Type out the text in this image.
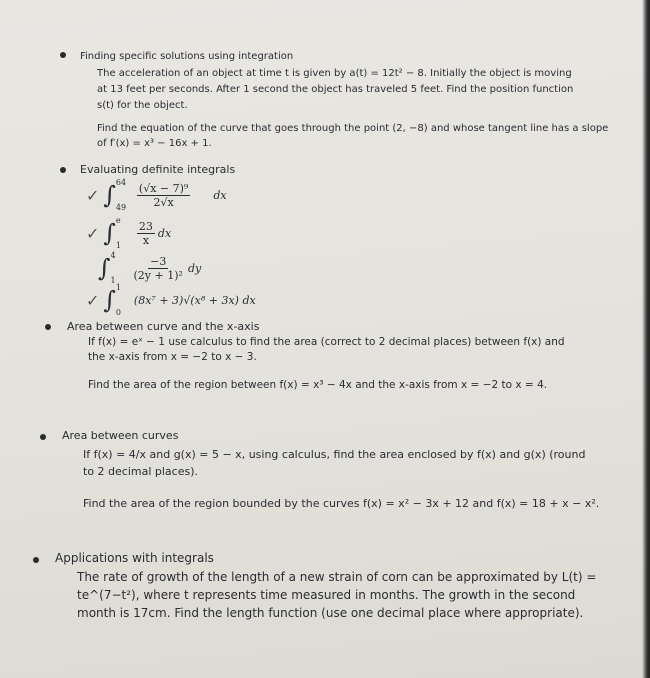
Finding specific solutions using integration
The acceleration of an object at time t is given by a(t) = 12t² − 8. Initially the object is moving at 13 feet per seconds. After 1 second the object has traveled 5 feet. Find the position function s(t) for the object.
Find the equation of the curve that goes through the point (2, −8) and whose tangent line has a slope of f′(x) = x³ − 16x + 1.
Evaluating definite integrals
✓ ∫ 64
$49 \frac{\text{(√x − 7)⁹}}{2√x}$ dx
✓ ∫ e
$1 \frac{23}{x}$ dx
∫ 4
$1 \frac{-3}{\text{(2y + 1)²}}$ dy
✓ ∫ 1
0
(8x⁷ + 3)√(x⁸ + 3x) dx
Area between curve and the x-axis
If f(x) = eˣ − 1 use calculus to find the area (correct to 2 decimal places) between f(x) and the x-axis from x = −2 to x − 3.
Find the area of the region between f(x) = x³ − 4x and the x-axis from x = −2 to x = 4.
Area between curves
If f(x) = 4/x and g(x) = 5 − x, using calculus, find the area enclosed by f(x) and g(x) (round to 2 decimal places).
Find the area of the region bounded by the curves f(x) = x² − 3x + 12 and f(x) = 18 + x − x².
Applications with integrals
The rate of growth of the length of a new strain of corn can be approximated by L(t) = te^(7−t²), where t represents time measured in months. The growth in the second month is 17cm. Find the length function (use one decimal place where appropriate).
